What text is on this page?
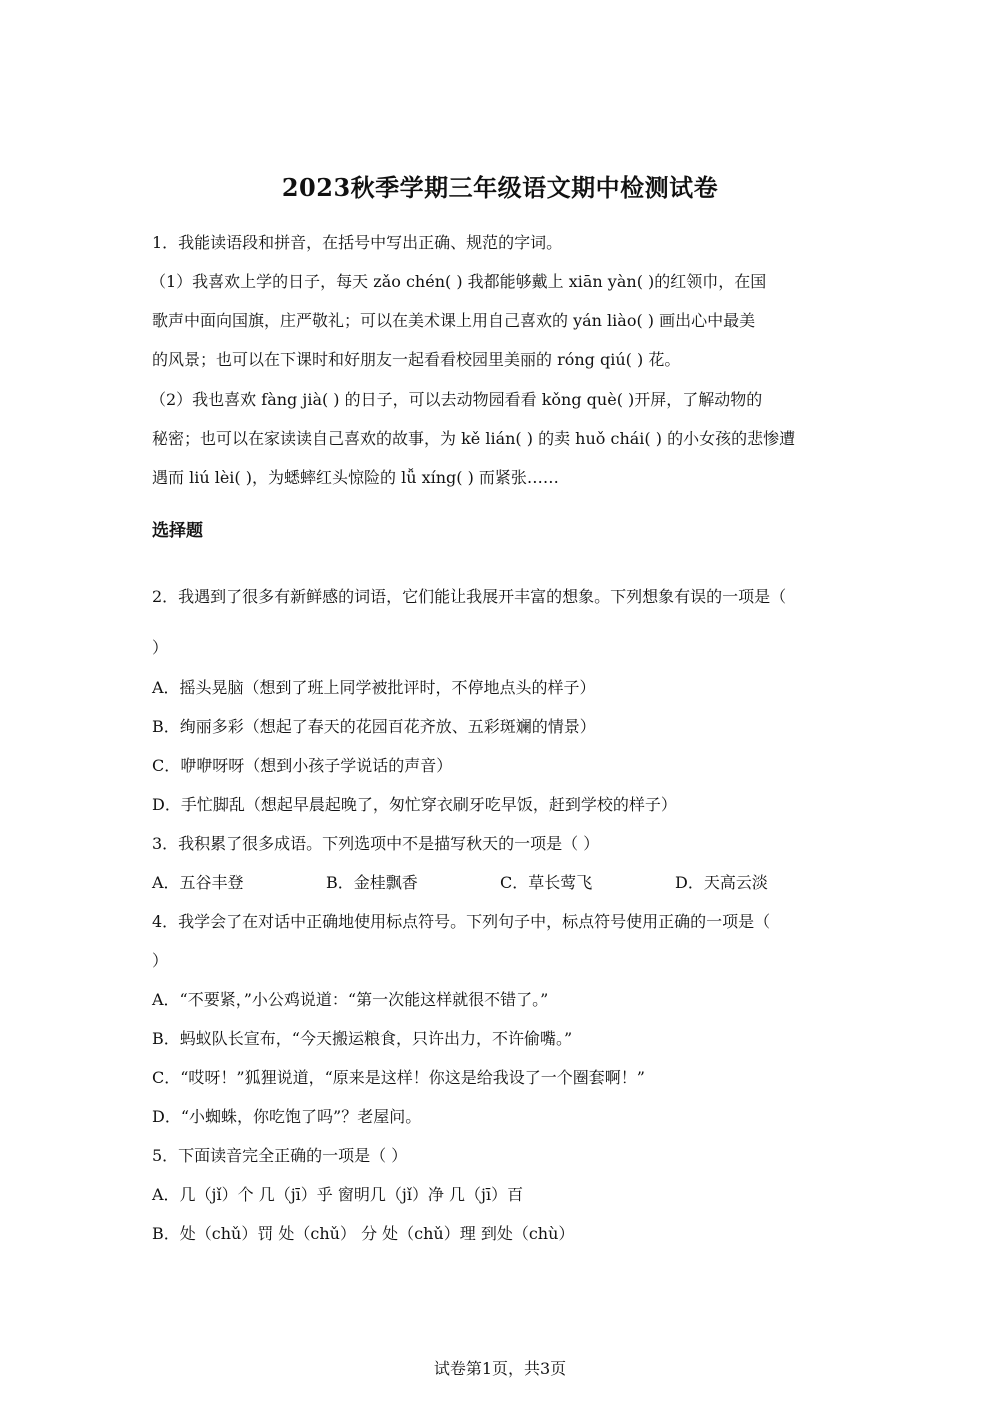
2023秋季学期三年级语文期中检测试卷
1．我能读语段和拼音，在括号中写出正确、规范的字词。
（1）我喜欢上学的日子，每天 zǎo chén( ) 我都能够戴上 xiān yàn( )的红领巾，在国
歌声中面向国旗，庄严敬礼；可以在美术课上用自己喜欢的 yán liào( ) 画出心中最美
的风景；也可以在下课时和好朋友一起看看校园里美丽的 róng qiú( ) 花。
（2）我也喜欢 fàng jià( ) 的日子，可以去动物园看看 kǒng què( )开屏，了解动物的
秘密；也可以在家读读自己喜欢的故事，为 kě lián( ) 的卖 huǒ chái( ) 的小女孩的悲惨遭
遇而 liú lèi( )，为蟋蟀红头惊险的 lǚ xíng( ) 而紧张……
选择题
2．我遇到了很多有新鲜感的词语，它们能让我展开丰富的想象。下列想象有误的一项是（
）
A．摇头晃脑（想到了班上同学被批评时，不停地点头的样子）
B．绚丽多彩（想起了春天的花园百花齐放、五彩斑斓的情景）
C．咿咿呀呀（想到小孩子学说话的声音）
D．手忙脚乱（想起早晨起晚了，匆忙穿衣刷牙吃早饭，赶到学校的样子）
3．我积累了很多成语。下列选项中不是描写秋天的一项是（ ）
A．五谷丰登	B．金桂飘香	C．草长莺飞	D．天高云淡
4．我学会了在对话中正确地使用标点符号。下列句子中，标点符号使用正确的一项是（
）
A．“不要紧，”小公鸡说道：“第一次能这样就很不错了。”
B．蚂蚁队长宣布，“今天搬运粮食，只许出力，不许偷嘴。”
C．“哎呀！”狐狸说道，“原来是这样！你这是给我设了一个圈套啊！”
D．“小蜘蛛，你吃饱了吗”？老屋问。
5．下面读音完全正确的一项是（ ）
A．几（jǐ）个 几（jī）乎 窗明几（jǐ）净 几（jī）百
B．处（chǔ）罚 处（chǔ） 分 处（chǔ）理 到处（chù）
试卷第1页，共3页
